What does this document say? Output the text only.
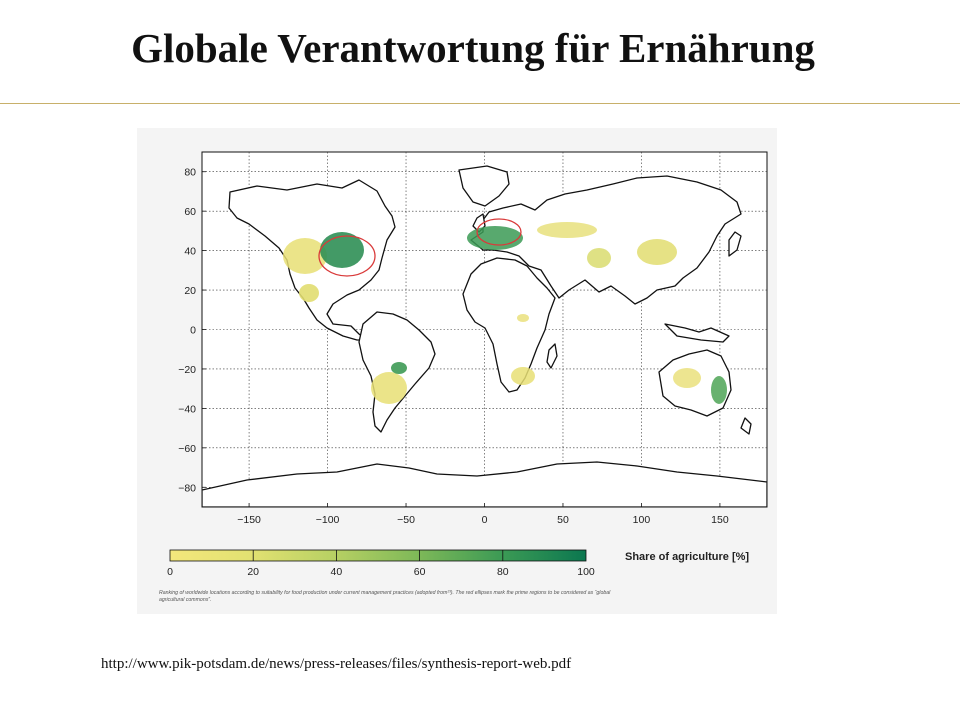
Globale Verantwortung für Ernährung
−150	−100	−50	0	50	100	150
80
60
40
20
0
−20
−40
−60
−80
0	20	40	60	80	100
Share of agriculture [%]
Ranking of worldwide locations according to suitability for food production under current management practices (adopted from²³). The red ellipses mark the prime regions to be considered as “global
agricultural commons”.
http://www.pik-potsdam.de/news/press-releases/files/synthesis-report-web.pdf
